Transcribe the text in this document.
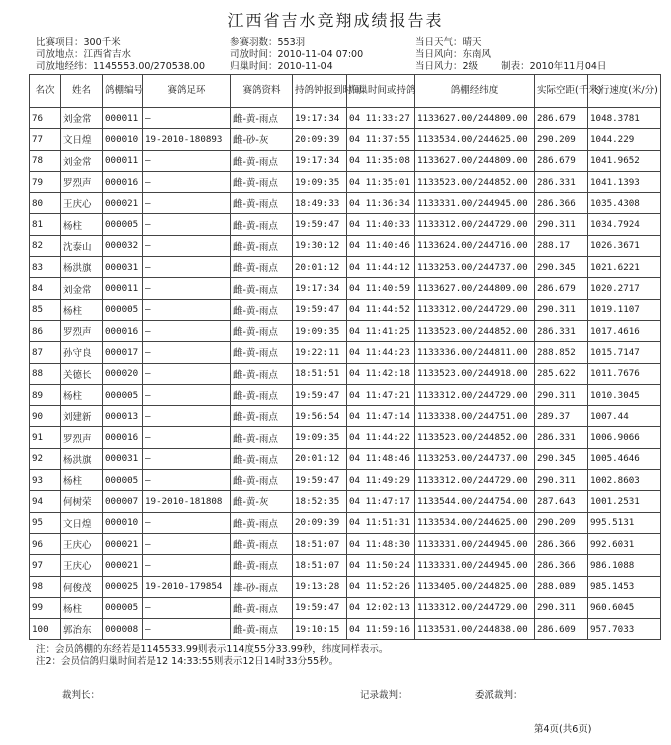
江西省吉水竞翔成绩报告表
比赛项目：300千米
司放地点：江西省吉水
司放地经纬：1145553.00/270538.00
参赛羽数：553羽
司放时间：2010-11-04 07:00
归巢时间：2010-11-04
当日天气：晴天
当日风向：东南风
当日风力：2级 制表：2010年11月04日
名次	姓名	鸽棚编号	赛鸽足环	赛鸽资料	持鸽钟报到时间	归巢时间或持鸽	鸽棚经纬度	实际空距(千米)	飞行速度(米/分)
76	刘金常	000011	—	雌-黄-雨点	19:17:34	04 11:33:27	1133627.00/244809.00	286.679	1048.3781
77	文日煌	000010	19-2010-180893	雌-砂-灰	20:09:39	04 11:37:55	1133534.00/244625.00	290.209	1044.229
78	刘金常	000011	—	雌-黄-雨点	19:17:34	04 11:35:08	1133627.00/244809.00	286.679	1041.9652
79	罗烈声	000016	—	雌-黄-雨点	19:09:35	04 11:35:01	1133523.00/244852.00	286.331	1041.1393
80	王庆心	000021	—	雌-黄-雨点	18:49:33	04 11:36:34	1133331.00/244945.00	286.366	1035.4308
81	杨柱	000005	—	雌-黄-雨点	19:59:47	04 11:40:33	1133312.00/244729.00	290.311	1034.7924
82	沈泰山	000032	—	雌-黄-雨点	19:30:12	04 11:40:46	1133624.00/244716.00	288.17	1026.3671
83	杨洪旗	000031	—	雌-黄-雨点	20:01:12	04 11:44:12	1133253.00/244737.00	290.345	1021.6221
84	刘金常	000011	—	雌-黄-雨点	19:17:34	04 11:40:59	1133627.00/244809.00	286.679	1020.2717
85	杨柱	000005	—	雌-黄-雨点	19:59:47	04 11:44:52	1133312.00/244729.00	290.311	1019.1107
86	罗烈声	000016	—	雌-黄-雨点	19:09:35	04 11:41:25	1133523.00/244852.00	286.331	1017.4616
87	孙守良	000017	—	雌-黄-雨点	19:22:11	04 11:44:23	1133336.00/244811.00	288.852	1015.7147
88	关德长	000020	—	雌-黄-雨点	18:51:51	04 11:42:18	1133523.00/244918.00	285.622	1011.7676
89	杨柱	000005	—	雌-黄-雨点	19:59:47	04 11:47:21	1133312.00/244729.00	290.311	1010.3045
90	刘建新	000013	—	雌-黄-雨点	19:56:54	04 11:47:14	1133338.00/244751.00	289.37	1007.44
91	罗烈声	000016	—	雌-黄-雨点	19:09:35	04 11:44:22	1133523.00/244852.00	286.331	1006.9066
92	杨洪旗	000031	—	雌-黄-雨点	20:01:12	04 11:48:46	1133253.00/244737.00	290.345	1005.4646
93	杨柱	000005	—	雌-黄-雨点	19:59:47	04 11:49:29	1133312.00/244729.00	290.311	1002.8603
94	何树荣	000007	19-2010-181808	雌-黄-灰	18:52:35	04 11:47:17	1133544.00/244754.00	287.643	1001.2531
95	文日煌	000010	—	雌-黄-雨点	20:09:39	04 11:51:31	1133534.00/244625.00	290.209	995.5131
96	王庆心	000021	—	雌-黄-雨点	18:51:07	04 11:48:30	1133331.00/244945.00	286.366	992.6031
97	王庆心	000021	—	雌-黄-雨点	18:51:07	04 11:50:24	1133331.00/244945.00	286.366	986.1088
98	何俊茂	000025	19-2010-179854	雄-砂-雨点	19:13:28	04 11:52:26	1133405.00/244825.00	288.089	985.1453
99	杨柱	000005	—	雌-黄-雨点	19:59:47	04 12:02:13	1133312.00/244729.00	290.311	960.6045
100	郭治东	000008	—	雌-黄-雨点	19:10:15	04 11:59:16	1133531.00/244838.00	286.609	957.7033
注：会员鸽棚的东经若是1145533.99则表示114度55分33.99秒，纬度同样表示。
注2：会员信鸽归巢时间若是12 14:33:55则表示12日14时33分55秒。
裁判长：	记录裁判：	委派裁判：
第4页(共6页)
